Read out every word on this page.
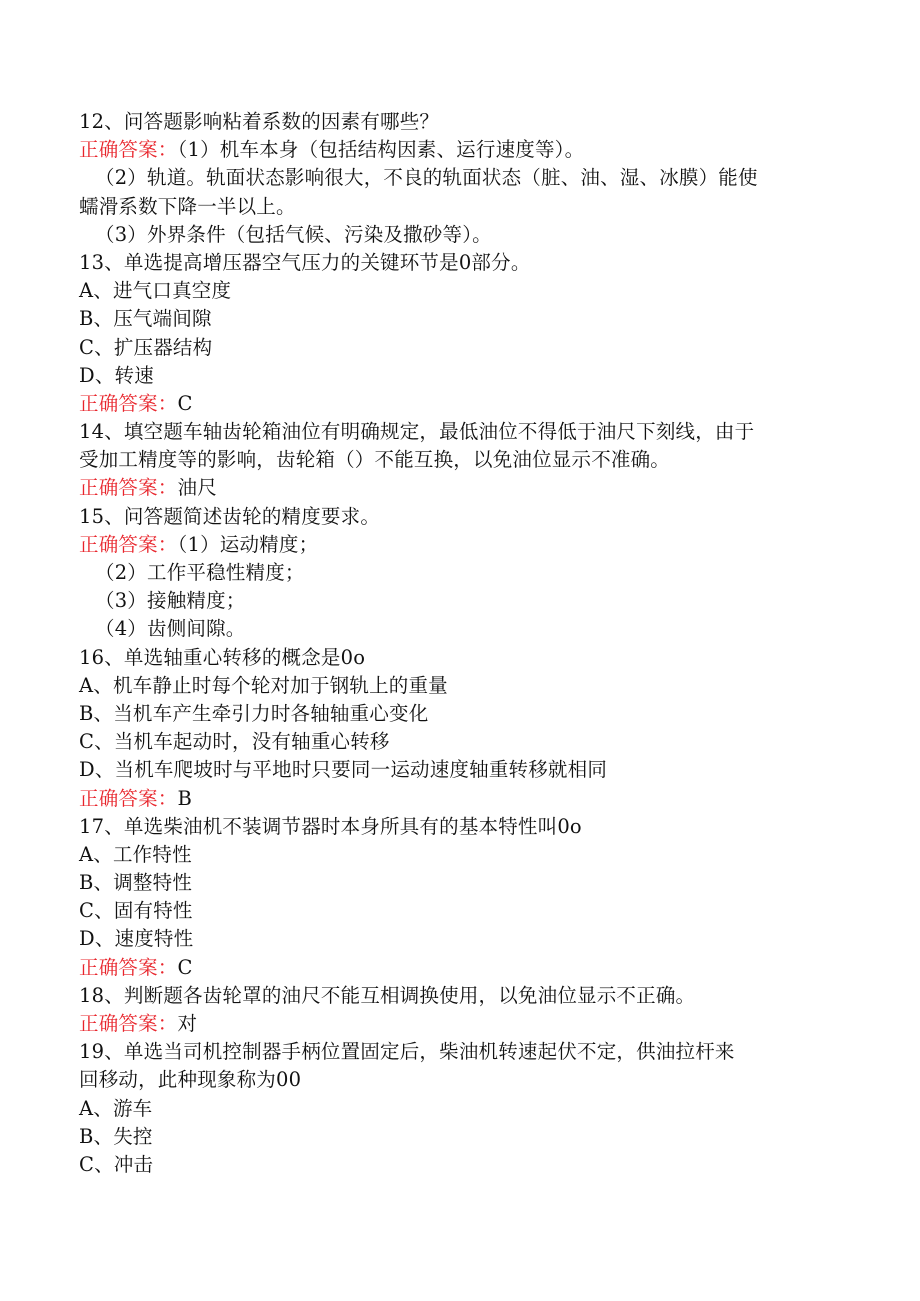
12、问答题影响粘着系数的因素有哪些？
正确答案：（1）机车本身（包括结构因素、运行速度等）。
（2）轨道。轨面状态影响很大，不良的轨面状态（脏、油、湿、冰膜）能使
蠕滑系数下降一半以上。
（3）外界条件（包括气候、污染及撒砂等）。
13、单选提高增压器空气压力的关键环节是0部分。
A、进气口真空度
B、压气端间隙
C、扩压器结构
D、转速
正确答案：C
14、填空题车轴齿轮箱油位有明确规定，最低油位不得低于油尺下刻线，由于
受加工精度等的影响，齿轮箱（）不能互换，以免油位显示不准确。
正确答案：油尺
15、问答题简述齿轮的精度要求。
正确答案：（1）运动精度；
（2）工作平稳性精度；
（3）接触精度；
（4）齿侧间隙。
16、单选轴重心转移的概念是0o
A、机车静止时每个轮对加于钢轨上的重量
B、当机车产生牵引力时各轴轴重心变化
C、当机车起动时，没有轴重心转移
D、当机车爬坡时与平地时只要同一运动速度轴重转移就相同
正确答案：B
17、单选柴油机不装调节器时本身所具有的基本特性叫0o
A、工作特性
B、调整特性
C、固有特性
D、速度特性
正确答案：C
18、判断题各齿轮罩的油尺不能互相调换使用，以免油位显示不正确。
正确答案：对
19、单选当司机控制器手柄位置固定后，柴油机转速起伏不定，供油拉杆来
回移动，此种现象称为00
A、游车
B、失控
C、冲击
